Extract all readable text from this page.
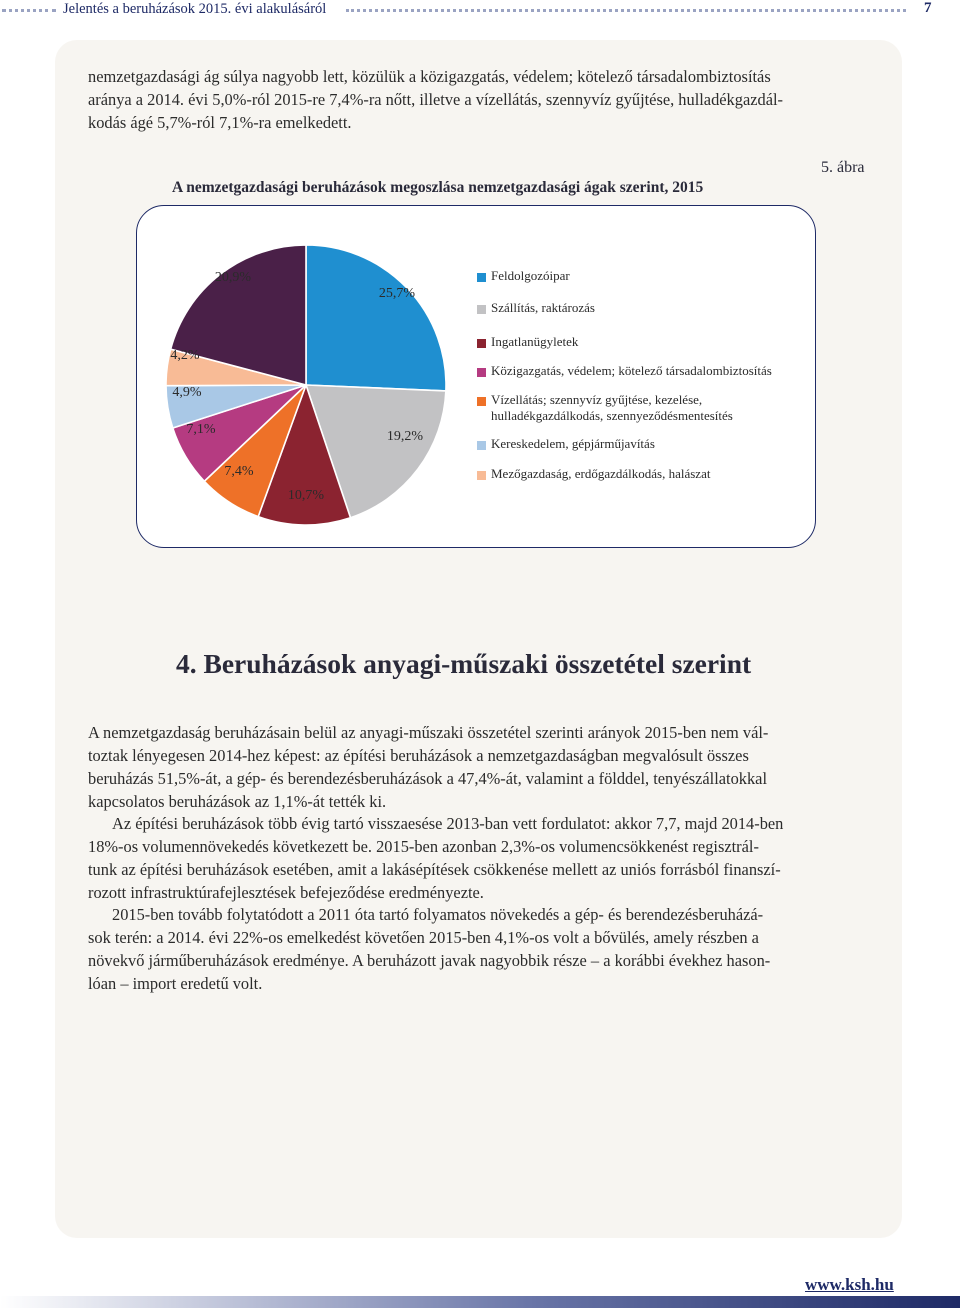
Jelentés a beruházások 2015. évi alakulásáról	7

nemzetgazdasági ág súlya nagyobb lett, közülük a közigazgatás, védelem; kötelező társadalombiztosítás

aránya a 2014. évi 5,0%-ról 2015-re 7,4%-ra nőtt, illetve a vízellátás, szennyvíz gyűjtése, hulladékgazdál-

kodás ágé 5,7%-ról 7,1%-ra emelkedett.

A nemzetgazdasági beruházások megoszlása nemzetgazdasági ágak szerint, 2015
5. ábra
25,7%
19,2%
10,7%
7,4%
7,1%
4,9%
4,2%
20,9%	Feldolgozóipar
Szállítás, raktározás
Ingatlanügyletek
Közigazgatás, védelem; kötelező társadalombiztosítás
Vízellátás; szennyvíz gyűjtése, kezelése,
hulladékgazdálkodás, szennyeződésmentesítés
Kereskedelem, gépjárműjavítás
Mezőgazdaság, erdőgazdálkodás, halászat
4. Beruházások anyagi-műszaki összetétel szerint

A nemzetgazdaság beruházásain belül az anyagi-műszaki összetétel szerinti arányok 2015-ben nem vál-

toztak lényegesen 2014-hez képest: az építési beruházások a nemzetgazdaságban megvalósult összes

beruházás 51,5%-át, a gép- és berendezésberuházások a 47,4%-át, valamint a földdel, tenyészállatokkal

kapcsolatos beruházások az 1,1%-át tették ki.

Az építési beruházások több évig tartó visszaesése 2013-ban vett fordulatot: akkor 7,7, majd 2014-ben

18%-os volumennövekedés következett be. 2015-ben azonban 2,3%-os volumencsökkenést regisztrál-

tunk az építési beruházások esetében, amit a lakásépítések csökkenése mellett az uniós forrásból finanszí-

rozott infrastruktúrafejlesztések befejeződése eredményezte.

2015-ben tovább folytatódott a 2011 óta tartó folyamatos növekedés a gép- és berendezésberuházá-

sok terén: a 2014. évi 22%-os emelkedést követően 2015-ben 4,1%-os volt a bővülés, amely részben a

növekvő járműberuházások eredménye. A beruházott javak nagyobbik része – a korábbi évekhez hason-

lóan – import eredetű volt.

www.ksh.hu
